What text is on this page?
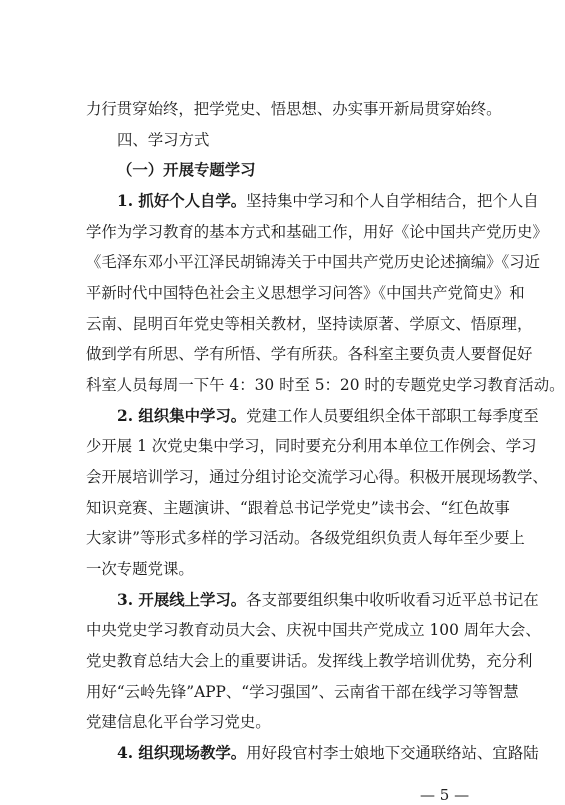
力行贯穿始终，把学党史、悟思想、办实事开新局贯穿始终。
四、学习方式
（一）开展专题学习
1. 抓好个人自学。坚持集中学习和个人自学相结合，把个人自
学作为学习教育的基本方式和基础工作，用好《论中国共产党历史》
《毛泽东邓小平江泽民胡锦涛关于中国共产党历史论述摘编》《习近
平新时代中国特色社会主义思想学习问答》《中国共产党简史》和
云南、昆明百年党史等相关教材，坚持读原著、学原文、悟原理，
做到学有所思、学有所悟、学有所获。各科室主要负责人要督促好
科室人员每周一下午 4：30 时至 5：20 时的专题党史学习教育活动。
2. 组织集中学习。党建工作人员要组织全体干部职工每季度至
少开展 1 次党史集中学习，同时要充分利用本单位工作例会、学习
会开展培训学习，通过分组讨论交流学习心得。积极开展现场教学、
知识竞赛、主题演讲、“跟着总书记学党史”读书会、“红色故事
大家讲”等形式多样的学习活动。各级党组织负责人每年至少要上
一次专题党课。
3. 开展线上学习。各支部要组织集中收听收看习近平总书记在
中央党史学习教育动员大会、庆祝中国共产党成立 100 周年大会、
党史教育总结大会上的重要讲话。发挥线上教学培训优势，充分利
用好“云岭先锋”APP、“学习强国”、云南省干部在线学习等智慧
党建信息化平台学习党史。
4. 组织现场教学。用好段官村李士娘地下交通联络站、宜路陆
— 5 —
